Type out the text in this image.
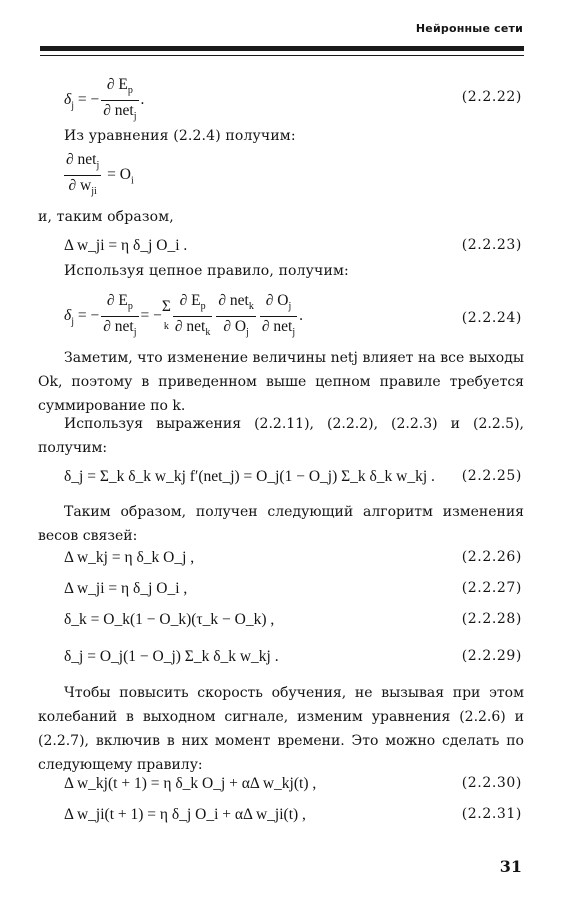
Нейронные сети
$\delta_j$ = − $\frac{\partial E_p}{\partial net_j}$ .	(2.2.22)
Из уравнения (2.2.4) получим:
$\frac{\partial net_j}{\partial w_{ji}} = O_i$
и, таким образом,
Δ w_ji = η δ_j O_i .	(2.2.23)
Используя цепное правило, получим:
$\delta_j$ = − $\frac{\partial E_p}{\partial net_j} = -\Sigma$
$_k \frac{\partial E_p}{\partial net_k} \frac{\partial net_k}{\partial O_j} \frac{\partial O_j}{\partial net_j}$ .	(2.2.24)
Заметим, что изменение величины netj влияет на все выходы Ok, поэтому в приведенном выше цепном правиле требуется суммирование по k.
Используя выражения (2.2.11), (2.2.2), (2.2.3) и (2.2.5), получим:
δ_j = Σ_k δ_k w_kj f′(net_j) = O_j(1 − O_j) Σ_k δ_k w_kj . (2.2.25)
Таким образом, получен следующий алгоритм изменения весов связей:
Δ w_kj = η δ_k O_j ,	(2.2.26)
Δ w_ji = η δ_j O_i ,	(2.2.27)
δ_k = O_k(1 − O_k)(τ_k − O_k) ,	(2.2.28)
δ_j = O_j(1 − O_j) Σ_k δ_k w_kj .	(2.2.29)
Чтобы повысить скорость обучения, не вызывая при этом колебаний в выходном сигнале, изменим уравнения (2.2.6) и (2.2.7), включив в них момент времени. Это можно сделать по следующему правилу:
Δ w_kj(t + 1) = η δ_k O_j + αΔ w_kj(t) ,	(2.2.30)
Δ w_ji(t + 1) = η δ_j O_i + αΔ w_ji(t) ,	(2.2.31)
31
